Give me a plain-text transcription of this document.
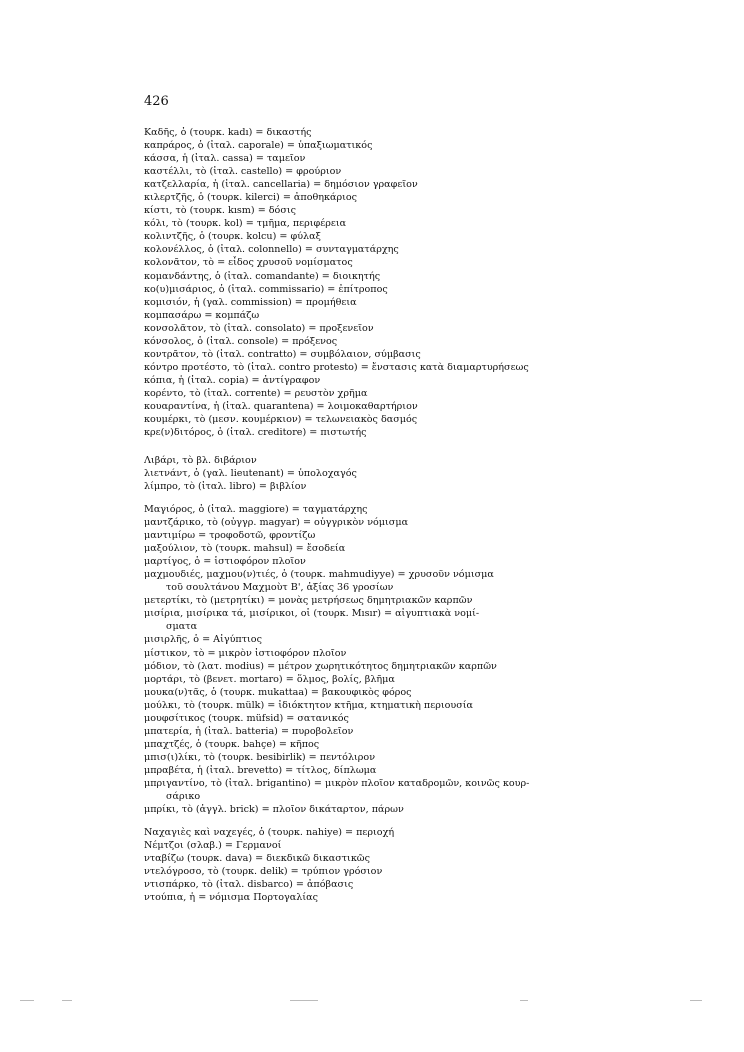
426
Καδῆς, ὁ (τουρκ. kadı) = δικαστής
καπράρος, ὁ (ἰταλ. caporale) = ὑπαξιωματικός
κάσσα, ἡ (ἰταλ. cassa) = ταμεῖον
καστέλλι, τὸ (ἰταλ. castello) = φρούριον
κατζελλαρία, ἡ (ἰταλ. cancellaria) = δημόσιον γραφεῖον
κιλερτζῆς, ὁ (τουρκ. kilerci) = ἀποθηκάριος
κίστι, τὸ (τουρκ. kısm) = δόσις
κόλι, τὸ (τουρκ. kol) = τμῆμα, περιφέρεια
κολιντζῆς, ὁ (τουρκ. kolcu) = φύλαξ
κολονέλλος, ὁ (ἰταλ. colonnello) = συνταγματάρχης
κολονᾶτον, τὸ = εἶδος χρυσοῦ νομίσματος
κομανδάντης, ὁ (ἰταλ. comandante) = διοικητής
κο(υ)μισάριος, ὁ (ἰταλ. commissario) = ἐπίτροπος
κομισιόν, ἡ (γαλ. commission) = προμήθεια
κομπασάρω = κομπάζω
κονσολᾶτον, τὸ (ἰταλ. consolato) = προξενεῖον
κόνσολος, ὁ (ἰταλ. console) = πρόξενος
κοντρᾶτον, τὸ (ἰταλ. contratto) = συμβόλαιον, σύμβασις
κόντρο προτέστο, τὸ (ἰταλ. contro protesto) = ἔνστασις κατὰ διαμαρτυρήσεως
κόπια, ἡ (ἰταλ. copia) = ἀντίγραφον
κορέντο, τὸ (ἰταλ. corrente) = ρευστὸν χρῆμα
κουαραντίνα, ἡ (ἰταλ. quarantena) = λοιμοκαθαρτήριον
κουμέρκι, τὸ (μεσν. κουμέρκιον) = τελωνειακὸς δασμός
κρε(ν)διτόρος, ὁ (ἰταλ. creditore) = πιστωτής
Λιβάρι, τὸ βλ. διβάριον
λιετνάντ, ὁ (γαλ. lieutenant) = ὑπολοχαγός
λίμπρο, τὸ (ἰταλ. libro) = βιβλίον
Μαγιόρος, ὁ (ἰταλ. maggiore) = ταγματάρχης
μαντζάρικο, τὸ (οὐγγρ. magyar) = οὐγγρικὸν νόμισμα
μαντιμίρω = τροφοδοτῶ, φροντίζω
μαξούλιον, τὸ (τουρκ. mahsul) = ἔσοδεία
μαρτίγος, ὁ = ἱστιοφόρον πλοῖον
μαχμουδιές, μαχμου(ν)τιές, ὁ (τουρκ. mahmudiyye) = χρυσοῦν νόμισμα
τοῦ σουλτάνου Μαχμοὺτ Β', ἀξίας 36 γροσίων
μετερτίκι, τὸ (μετρητίκι) = μονὰς μετρήσεως δημητριακῶν καρπῶν
μισίρια, μισίρικα τά, μισίρικοι, οἱ (τουρκ. Mısır) = αἰγυπτιακὰ νομί-
σματα
μισιρλῆς, ὁ = Αἰγύπτιος
μίστικον, τὸ = μικρὸν ἱστιοφόρον πλοῖον
μόδιον, τὸ (λατ. modius) = μέτρον χωρητικότητος δημητριακῶν καρπῶν
μορτάρι, τὸ (βενετ. mortaro) = ὅλμος, βολίς, βλῆμα
μουκα(ν)τᾶς, ὁ (τουρκ. mukattaa) = βακουφικὸς φόρος
μούλκι, τὸ (τουρκ. mülk) = ἰδιόκτητον κτῆμα, κτηματικὴ περιουσία
μουφσίτικος (τουρκ. müfsid) = σατανικός
μπατερία, ἡ (ἰταλ. batteria) = πυροβολεῖον
μπαχτζές, ὁ (τουρκ. bahçe) = κῆπος
μπισ(ι)λίκι, τὸ (τουρκ. besibirlik) = πεντόλιρον
μπραβέτα, ἡ (ἰταλ. brevetto) = τίτλος, δίπλωμα
μπριγαντίνο, τὸ (ἰταλ. brigantino) = μικρὸν πλοῖον καταδρομῶν, κοινῶς κουρ-
σάρικο
μπρίκι, τὸ (ἀγγλ. brick) = πλοῖον δικάταρτον, πάρων
Ναχαγιὲς καὶ ναχεγές, ὁ (τουρκ. nahiye) = περιοχή
Νέμτζοι (σλαβ.) = Γερμανοί
νταβίζω (τουρκ. dava) = διεκδικῶ δικαστικῶς
ντελόγροσο, τὸ (τουρκ. delik) = τρύπιον γρόσιον
ντισπάρκο, τὸ (ἰταλ. disbarco) = ἀπόβασις
ντούπια, ἡ = νόμισμα Πορτογαλίας
